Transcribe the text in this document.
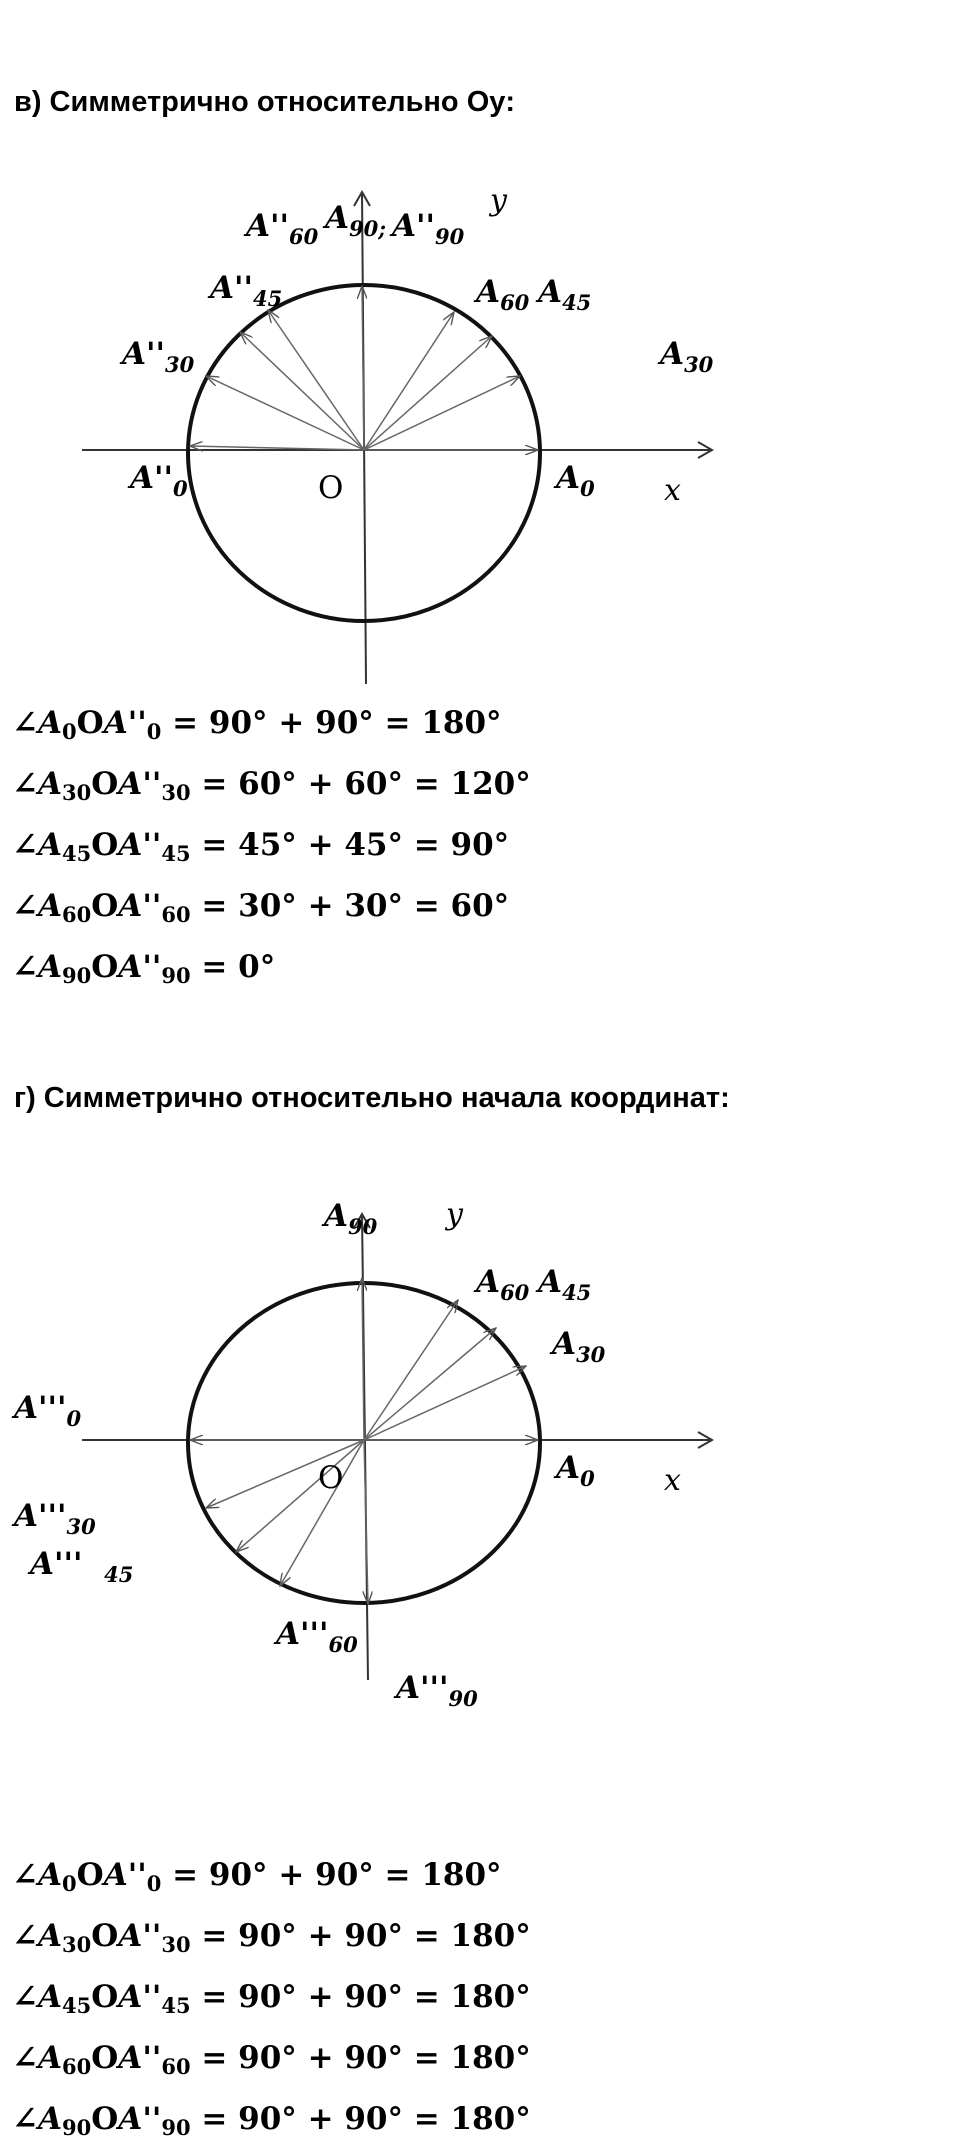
в) Симметрично относительно Oy:
$A''_{60}$
$A_{90;}$ $A''_{90}$
y
$A''_{45}$	$A_{60}$ $A_{45}$
$A''_{30}$	$A_{30}$
$A''_0$	O	$A_0$ x
$\angle A_0OA''_0 = 90^\circ + 90^\circ = 180^\circ$
$\angle A_{30}OA''_{30} = 60^\circ + 60^\circ = 120^\circ$
$\angle A_{45}OA''_{45} = 45^\circ + 45^\circ = 90^\circ$
$\angle A_{60}OA''_{60} = 30^\circ + 30^\circ = 60^\circ$
$\angle A_{90}OA''_{90} = 0^\circ$
г) Симметрично относительно начала координат:
$A_{90}$ y
$A_{60}$ $A_{45}$
$A_{30}$
$A'''_0$
O	$A_0$ x
$A'''_{30}$
A'''  $_{45}$
$A'''_{60}$
$A'''_{90}$
$\angle A_0OA''_0 = 90^\circ + 90^\circ = 180^\circ$
$\angle A_{30}OA''_{30} = 90^\circ + 90^\circ = 180^\circ$
$\angle A_{45}OA''_{45} = 90^\circ + 90^\circ = 180^\circ$
$\angle A_{60}OA''_{60} = 90^\circ + 90^\circ = 180^\circ$
$\angle A_{90}OA''_{90} = 90^\circ + 90^\circ = 180^\circ$
